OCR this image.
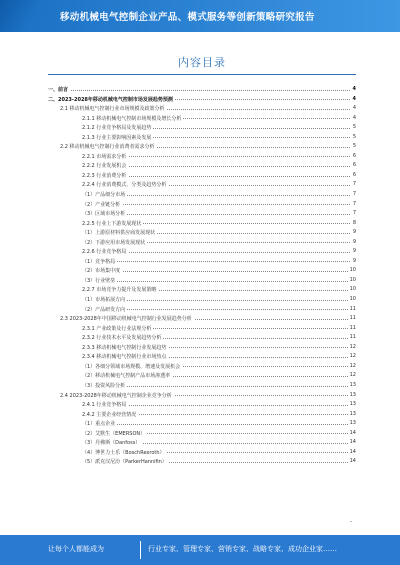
移动机械电气控制企业产品、模式服务等创新策略研究报告
内容目录
一、前言	4
二、2023-2028年移动机械电气控制市场发展趋势预测	4
2.1 移动机械电气控制行业市场规模及政策分析	4
2.1.1 移动机械电气控制市场规模及增长分析	4
2.1.2 行业竞争格局及发展趋势	5
2.1.3 行业主要影响因素及发展	5
2.2 移动机械电气控制行业消费者需求分析	5
2.2.1 市场需求分析	6
2.2.2 行业发展机会	6
2.2.3 行业消费分析	6
2.2.4 行业消费模式、分类及趋势分析	7
（1）产品细分市场	7
（2）产业链分析	7
（3）区域市场分析	7
2.2.5 行业上下游发展现状	8
（1）上游原材料供应商发展现状	9
（2）下游应用市场发展现状	9
2.2.6 行业竞争格局	9
（1）竞争格局	9
（2）市场集中度	10
（3）行业壁垒	10
2.2.7 市场竞争力提升及发展策略	10
（1）市场拓展方向	10
（2）产品研发方向	11
2.3 2023-2028年中国移动机械电气控制行业发展趋势分析	11
2.3.1 产业政策及行业法规分析	11
2.3.2 行业技术水平及发展趋势分析	11
2.3.3 移动机械电气控制行业发展趋势	12
2.3.4 移动机械电气控制行业市场热点	12
（1）各细分领域市场规模、增速及发展机会	12
（2）移动机械电气控制产品市场渗透率	12
（3）投资风险分析	13
2.4 2023-2028年移动机械电气控制企业竞争分析	13
2.4.1 行业竞争格局	13
2.4.2 主要企业经营情况	13
（1）重点企业	13
（2）艾默生（EMERSON）	14
（3）丹佛斯（Danfoss）	14
（4）博世力士乐（BoschRexroth）	14
（5）派克汉尼汾（ParkerHannifin）	14
-
让每个人都能成为	行业专家、管理专家、营销专家、战略专家、成功企业家……
